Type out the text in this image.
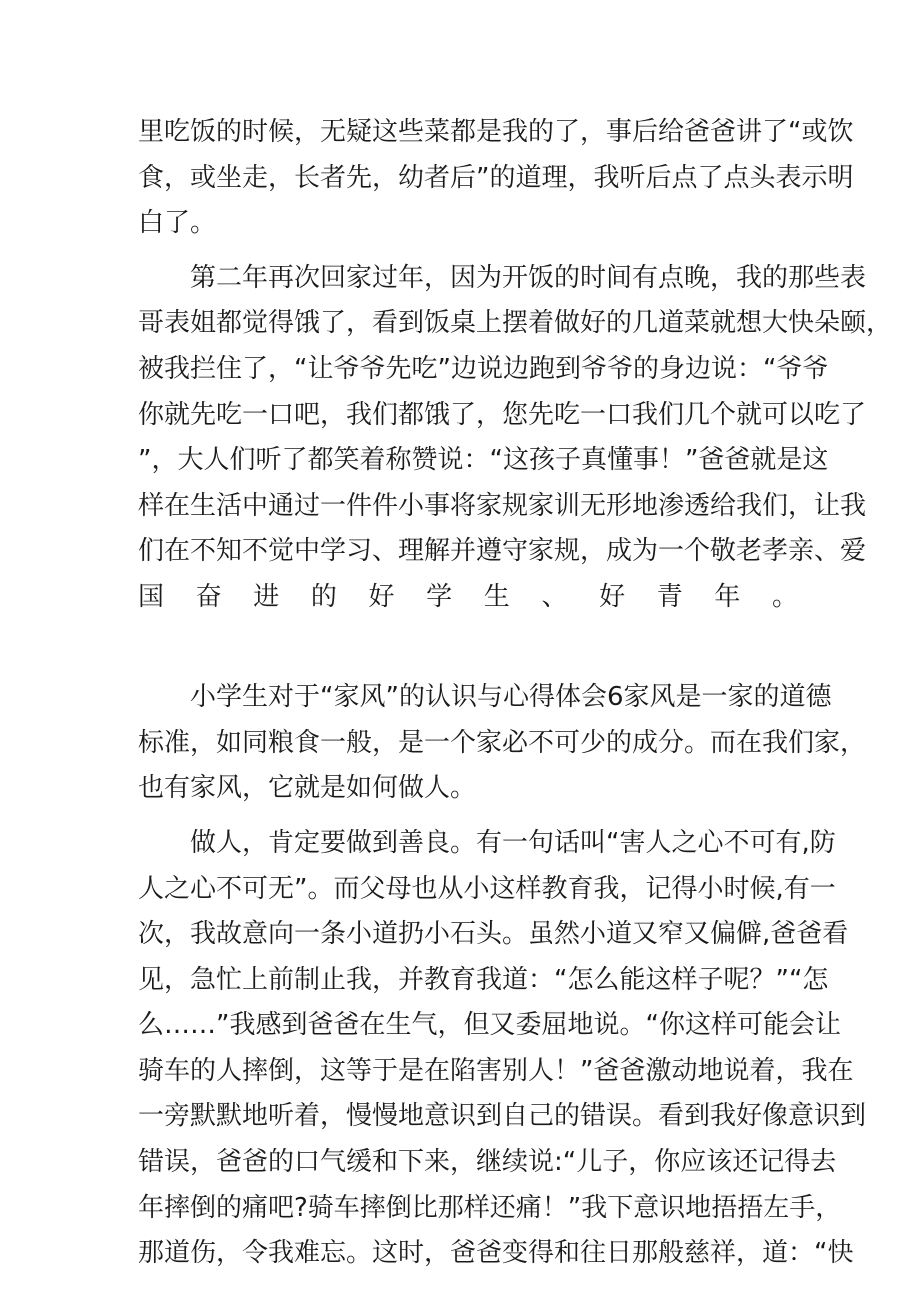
里吃饭的时候，无疑这些菜都是我的了，事后给爸爸讲了“或饮
食，或坐走，长者先，幼者后”的道理，我听后点了点头表示明
白了。
第二年再次回家过年，因为开饭的时间有点晚，我的那些表
哥表姐都觉得饿了，看到饭桌上摆着做好的几道菜就想大快朵颐，
被我拦住了，“让爷爷先吃”边说边跑到爷爷的身边说：“爷爷
你就先吃一口吧，我们都饿了，您先吃一口我们几个就可以吃了
”，大人们听了都笑着称赞说：“这孩子真懂事！”爸爸就是这
样在生活中通过一件件小事将家规家训无形地渗透给我们，让我
们在不知不觉中学习、理解并遵守家规，成为一个敬老孝亲、爱
国奋进的好学生、好青年。
小学生对于“家风”的认识与心得体会6家风是一家的道德
标准，如同粮食一般，是一个家必不可少的成分。而在我们家，
也有家风，它就是如何做人。
做人，肯定要做到善良。有一句话叫“害人之心不可有,防
人之心不可无”。而父母也从小这样教育我，记得小时候,有一
次，我故意向一条小道扔小石头。虽然小道又窄又偏僻,爸爸看
见，急忙上前制止我，并教育我道：“怎么能这样子呢？”“怎
么……”我感到爸爸在生气，但又委屈地说。“你这样可能会让
骑车的人摔倒，这等于是在陷害别人！”爸爸激动地说着，我在
一旁默默地听着，慢慢地意识到自己的错误。看到我好像意识到
错误，爸爸的口气缓和下来，继续说:“儿子，你应该还记得去
年摔倒的痛吧?骑车摔倒比那样还痛！”我下意识地捂捂左手，
那道伤，令我难忘。这时，爸爸变得和往日那般慈祥，道：“快
